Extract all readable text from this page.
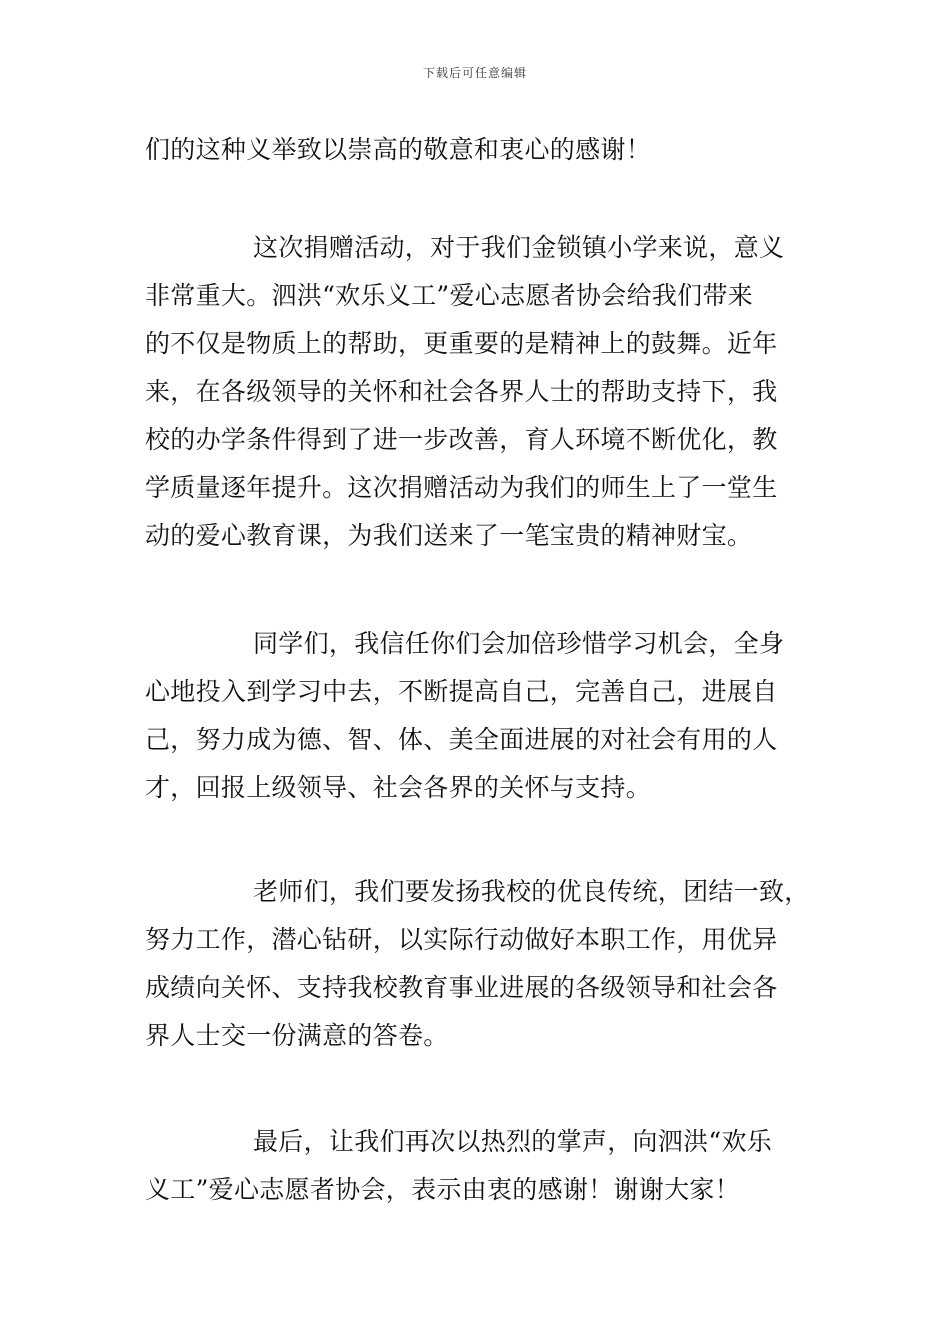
下载后可任意编辑
们的这种义举致以崇高的敬意和衷心的感谢！
这次捐赠活动，对于我们金锁镇小学来说，意义
非常重大。泗洪“欢乐义工”爱心志愿者协会给我们带来
的不仅是物质上的帮助，更重要的是精神上的鼓舞。近年
来，在各级领导的关怀和社会各界人士的帮助支持下，我
校的办学条件得到了进一步改善，育人环境不断优化，教
学质量逐年提升。这次捐赠活动为我们的师生上了一堂生
动的爱心教育课，为我们送来了一笔宝贵的精神财宝。
同学们，我信任你们会加倍珍惜学习机会，全身
心地投入到学习中去，不断提高自己，完善自己，进展自
己，努力成为德、智、体、美全面进展的对社会有用的人
才，回报上级领导、社会各界的关怀与支持。
老师们，我们要发扬我校的优良传统，团结一致，
努力工作，潜心钻研，以实际行动做好本职工作，用优异
成绩向关怀、支持我校教育事业进展的各级领导和社会各
界人士交一份满意的答卷。
最后，让我们再次以热烈的掌声，向泗洪“欢乐
义工”爱心志愿者协会，表示由衷的感谢！谢谢大家！
